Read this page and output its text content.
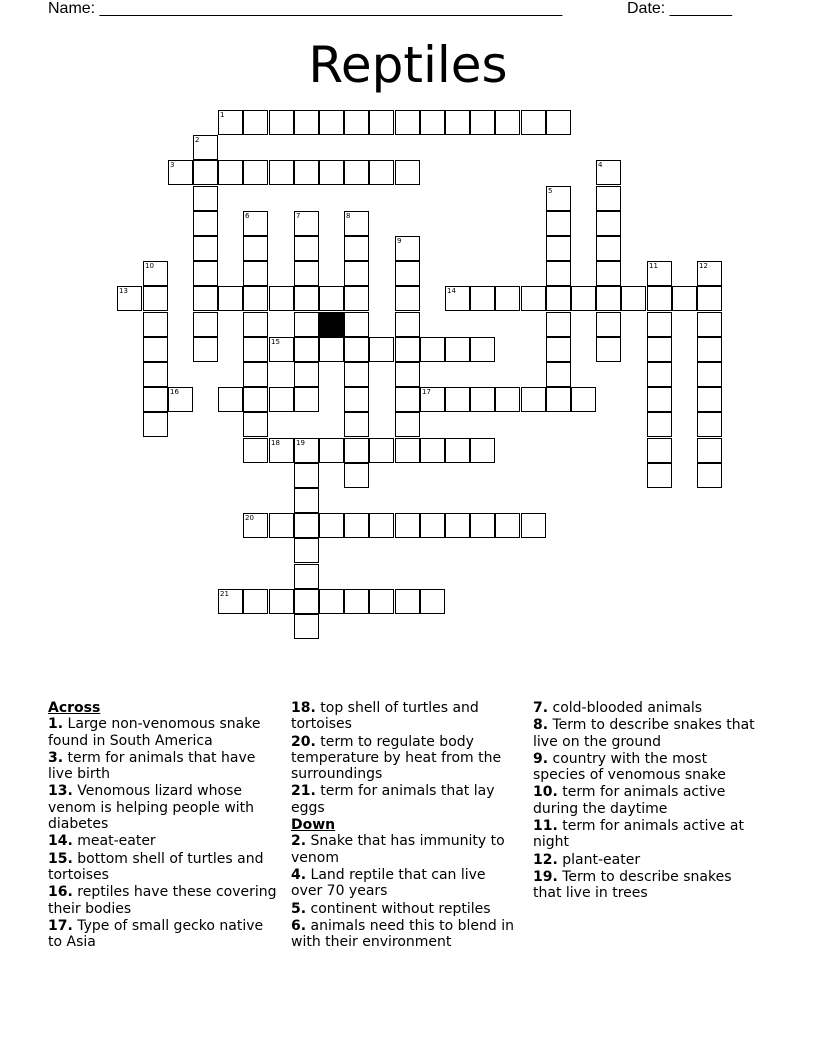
Name: ____________________________________________________	Date: _______
Reptiles
1
2
3	4
5
6	7	8
9
10	11	12
13	14
15
16	17
18 19
20
21
Across
1. Large non-venomous snake found in South America
3. term for animals that have live birth
13. Venomous lizard whose venom is helping people with diabetes
14. meat-eater
15. bottom shell of turtles and tortoises
16. reptiles have these covering their bodies
17. Type of small gecko native to Asia
18. top shell of turtles and tortoises
20. term to regulate body temperature by heat from the surroundings
21. term for animals that lay eggs
Down
2. Snake that has immunity to venom
4. Land reptile that can live over 70 years
5. continent without reptiles
6. animals need this to blend in with their environment
7. cold-blooded animals
8. Term to describe snakes that live on the ground
9. country with the most species of venomous snake
10. term for animals active during the daytime
11. term for animals active at night
12. plant-eater
19. Term to describe snakes that live in trees
